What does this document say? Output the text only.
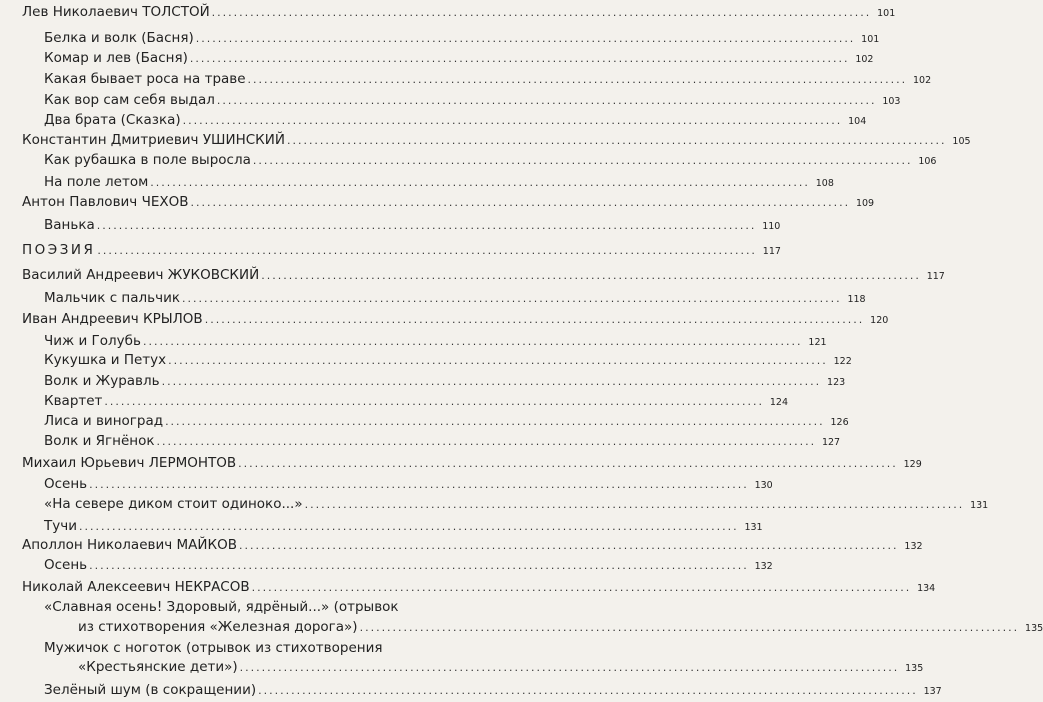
Лев Николаевич ТОЛСТОЙ ........................................................................................................................ 101
Белка и волк (Басня) ........................................................................................................................ 101
Комар и лев (Басня) ........................................................................................................................ 102
Какая бывает роса на траве ........................................................................................................................ 102
Как вор сам себя выдал ........................................................................................................................ 103
Два брата (Сказка) ........................................................................................................................ 104
Константин Дмитриевич УШИНСКИЙ ........................................................................................................................ 105
Как рубашка в поле выросла ........................................................................................................................ 106
На поле летом ........................................................................................................................ 108
Антон Павлович ЧЕХОВ ........................................................................................................................ 109
Ванька ........................................................................................................................ 110
ПОЭЗИЯ ........................................................................................................................ 117
Василий Андреевич ЖУКОВСКИЙ ........................................................................................................................ 117
Мальчик с пальчик ........................................................................................................................ 118
Иван Андреевич КРЫЛОВ ........................................................................................................................ 120
Чиж и Голубь ........................................................................................................................ 121
Кукушка и Петух ........................................................................................................................ 122
Волк и Журавль ........................................................................................................................ 123
Квартет ........................................................................................................................ 124
Лиса и виноград ........................................................................................................................ 126
Волк и Ягнёнок ........................................................................................................................ 127
Михаил Юрьевич ЛЕРМОНТОВ ........................................................................................................................ 129
Осень ........................................................................................................................ 130
«На севере диком стоит одиноко...» ........................................................................................................................ 131
Тучи ........................................................................................................................ 131
Аполлон Николаевич МАЙКОВ ........................................................................................................................ 132
Осень ........................................................................................................................ 132
Николай Алексеевич НЕКРАСОВ ........................................................................................................................ 134
«Славная осень! Здоровый, ядрёный...» (отрывок
из стихотворения «Железная дорога») ........................................................................................................................ 135
Мужичок с ноготок (отрывок из стихотворения
«Крестьянские дети») ........................................................................................................................ 135
Зелёный шум (в сокращении) ........................................................................................................................ 137
